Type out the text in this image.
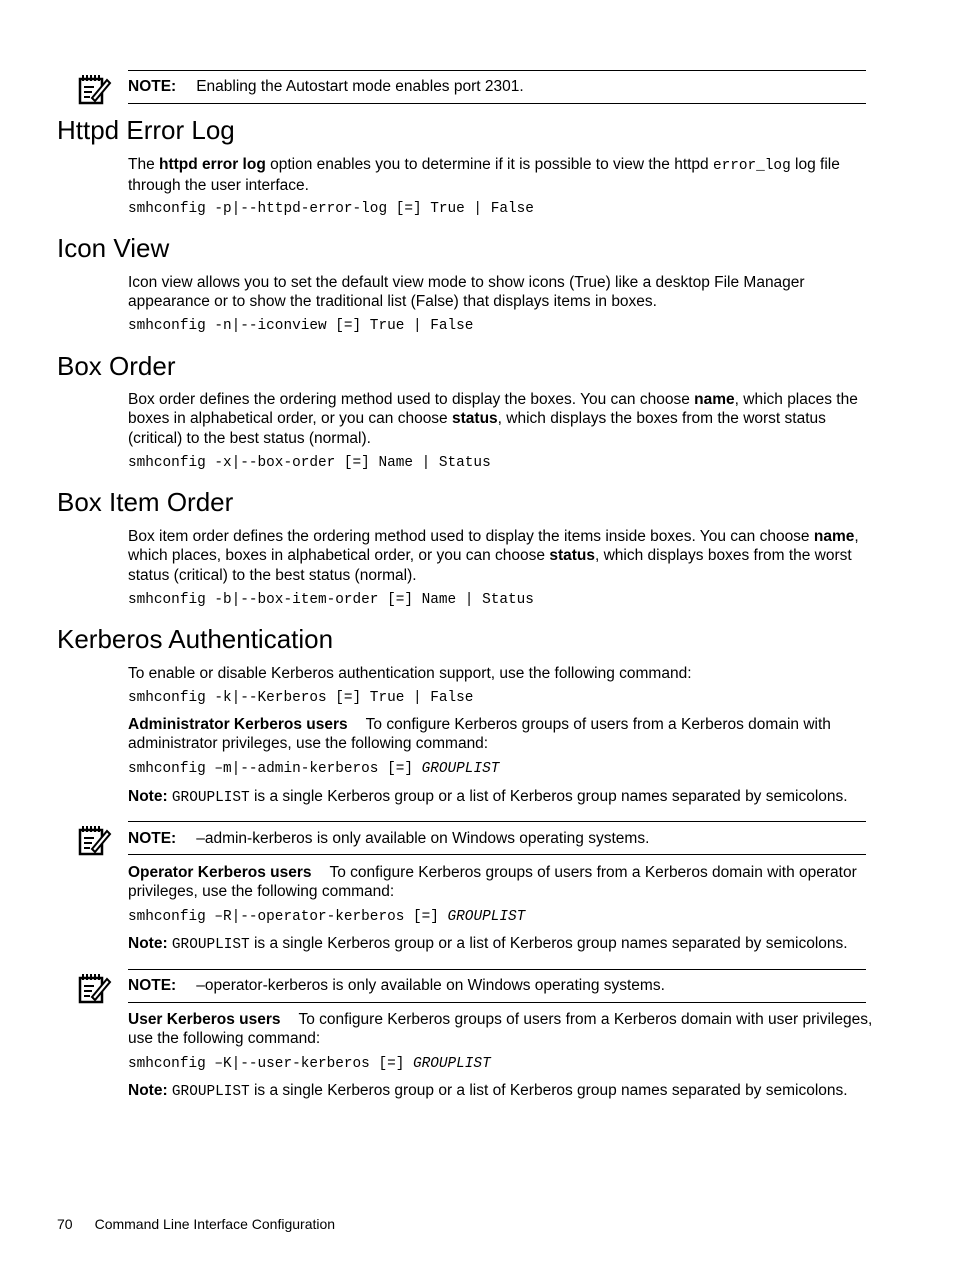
NOTE: Enabling the Autostart mode enables port 2301.
Httpd Error Log

The httpd error log option enables you to determine if it is possible to view the httpd error_log log file through the user interface.

smhconfig -p|--httpd-error-log [=] True | False
Icon View

Icon view allows you to set the default view mode to show icons (True) like a desktop File Manager appearance or to show the traditional list (False) that displays items in boxes.

smhconfig -n|--iconview [=] True | False
Box Order

Box order defines the ordering method used to display the boxes. You can choose name, which places the boxes in alphabetical order, or you can choose status, which displays the boxes from the worst status (critical) to the best status (normal).

smhconfig -x|--box-order [=] Name | Status
Box Item Order

Box item order defines the ordering method used to display the items inside boxes. You can choose name, which places, boxes in alphabetical order, or you can choose status, which displays boxes from the worst status (critical) to the best status (normal).

smhconfig -b|--box-item-order [=] Name | Status
Kerberos Authentication

To enable or disable Kerberos authentication support, use the following command:

smhconfig -k|--Kerberos [=] True | False

Administrator Kerberos users To configure Kerberos groups of users from a Kerberos domain with administrator privileges, use the following command:

smhconfig –m|--admin-kerberos [=] GROUPLIST

Note: GROUPLIST is a single Kerberos group or a list of Kerberos group names separated by semicolons.

NOTE: –admin-kerberos is only available on Windows operating systems.

Operator Kerberos users To configure Kerberos groups of users from a Kerberos domain with operator privileges, use the following command:

smhconfig –R|--operator-kerberos [=] GROUPLIST

Note: GROUPLIST is a single Kerberos group or a list of Kerberos group names separated by semicolons.

NOTE: –operator-kerberos is only available on Windows operating systems.

User Kerberos users To configure Kerberos groups of users from a Kerberos domain with user privileges, use the following command:

smhconfig –K|--user-kerberos [=] GROUPLIST

Note: GROUPLIST is a single Kerberos group or a list of Kerberos group names separated by semicolons.

70 Command Line Interface Configuration
